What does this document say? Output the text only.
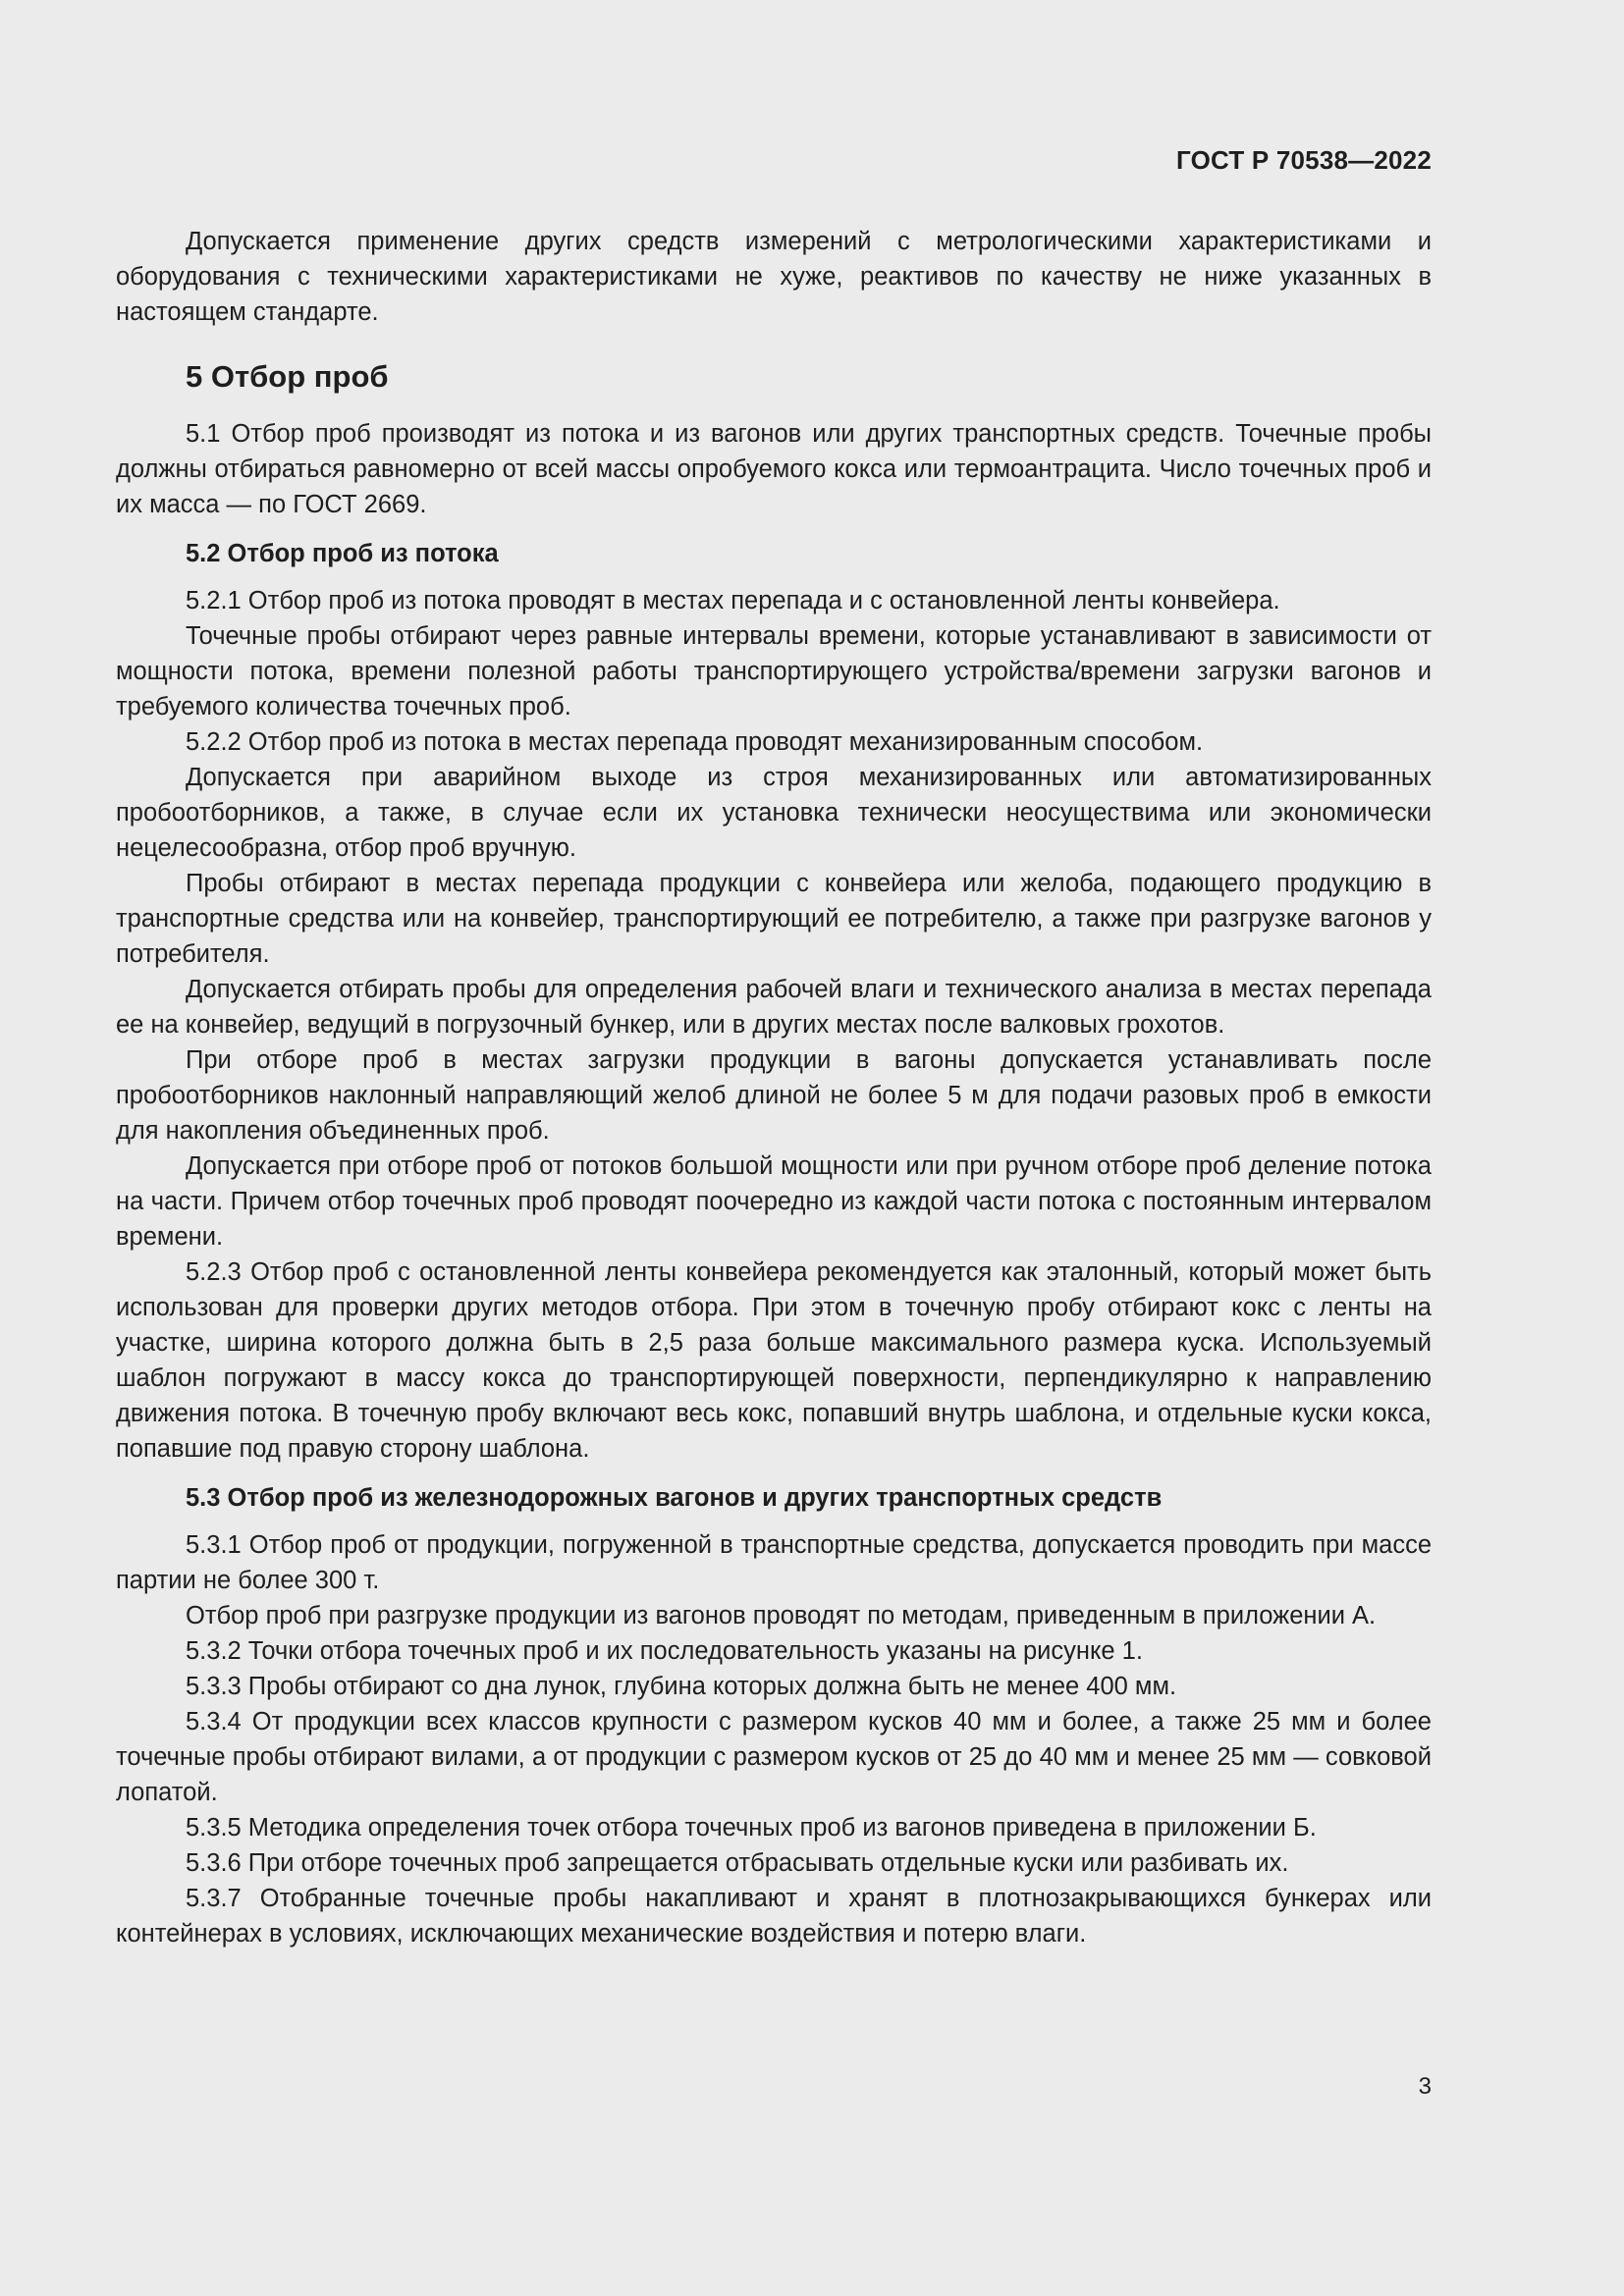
ГОСТ Р 70538—2022

Допускается применение других средств измерений с метрологическими характеристиками и оборудования с техническими характеристиками не хуже, реактивов по качеству не ниже указанных в настоящем стандарте.

5 Отбор проб

5.1 Отбор проб производят из потока и из вагонов или других транспортных средств. Точечные пробы должны отбираться равномерно от всей массы опробуемого кокса или термоантрацита. Число точечных проб и их масса — по ГОСТ 2669.

5.2 Отбор проб из потока

5.2.1 Отбор проб из потока проводят в местах перепада и с остановленной ленты конвейера.

Точечные пробы отбирают через равные интервалы времени, которые устанавливают в зависимости от мощности потока, времени полезной работы транспортирующего устройства/времени загрузки вагонов и требуемого количества точечных проб.

5.2.2 Отбор проб из потока в местах перепада проводят механизированным способом.

Допускается при аварийном выходе из строя механизированных или автоматизированных пробоотборников, а также, в случае если их установка технически неосуществима или экономически нецелесообразна, отбор проб вручную.

Пробы отбирают в местах перепада продукции с конвейера или желоба, подающего продукцию в транспортные средства или на конвейер, транспортирующий ее потребителю, а также при разгрузке вагонов у потребителя.

Допускается отбирать пробы для определения рабочей влаги и технического анализа в местах перепада ее на конвейер, ведущий в погрузочный бункер, или в других местах после валковых грохотов.

При отборе проб в местах загрузки продукции в вагоны допускается устанавливать после пробоотборников наклонный направляющий желоб длиной не более 5 м для подачи разовых проб в емкости для накопления объединенных проб.

Допускается при отборе проб от потоков большой мощности или при ручном отборе проб деление потока на части. Причем отбор точечных проб проводят поочередно из каждой части потока с постоянным интервалом времени.

5.2.3 Отбор проб с остановленной ленты конвейера рекомендуется как эталонный, который может быть использован для проверки других методов отбора. При этом в точечную пробу отбирают кокс с ленты на участке, ширина которого должна быть в 2,5 раза больше максимального размера куска. Используемый шаблон погружают в массу кокса до транспортирующей поверхности, перпендикулярно к направлению движения потока. В точечную пробу включают весь кокс, попавший внутрь шаблона, и отдельные куски кокса, попавшие под правую сторону шаблона.

5.3 Отбор проб из железнодорожных вагонов и других транспортных средств

5.3.1 Отбор проб от продукции, погруженной в транспортные средства, допускается проводить при массе партии не более 300 т.

Отбор проб при разгрузке продукции из вагонов проводят по методам, приведенным в приложении А.

5.3.2 Точки отбора точечных проб и их последовательность указаны на рисунке 1.

5.3.3 Пробы отбирают со дна лунок, глубина которых должна быть не менее 400 мм.

5.3.4 От продукции всех классов крупности с размером кусков 40 мм и более, а также 25 мм и более точечные пробы отбирают вилами, а от продукции с размером кусков от 25 до 40 мм и менее 25 мм — совковой лопатой.

5.3.5 Методика определения точек отбора точечных проб из вагонов приведена в приложении Б.

5.3.6 При отборе точечных проб запрещается отбрасывать отдельные куски или разбивать их.

5.3.7 Отобранные точечные пробы накапливают и хранят в плотнозакрывающихся бункерах или контейнерах в условиях, исключающих механические воздействия и потерю влаги.

3
